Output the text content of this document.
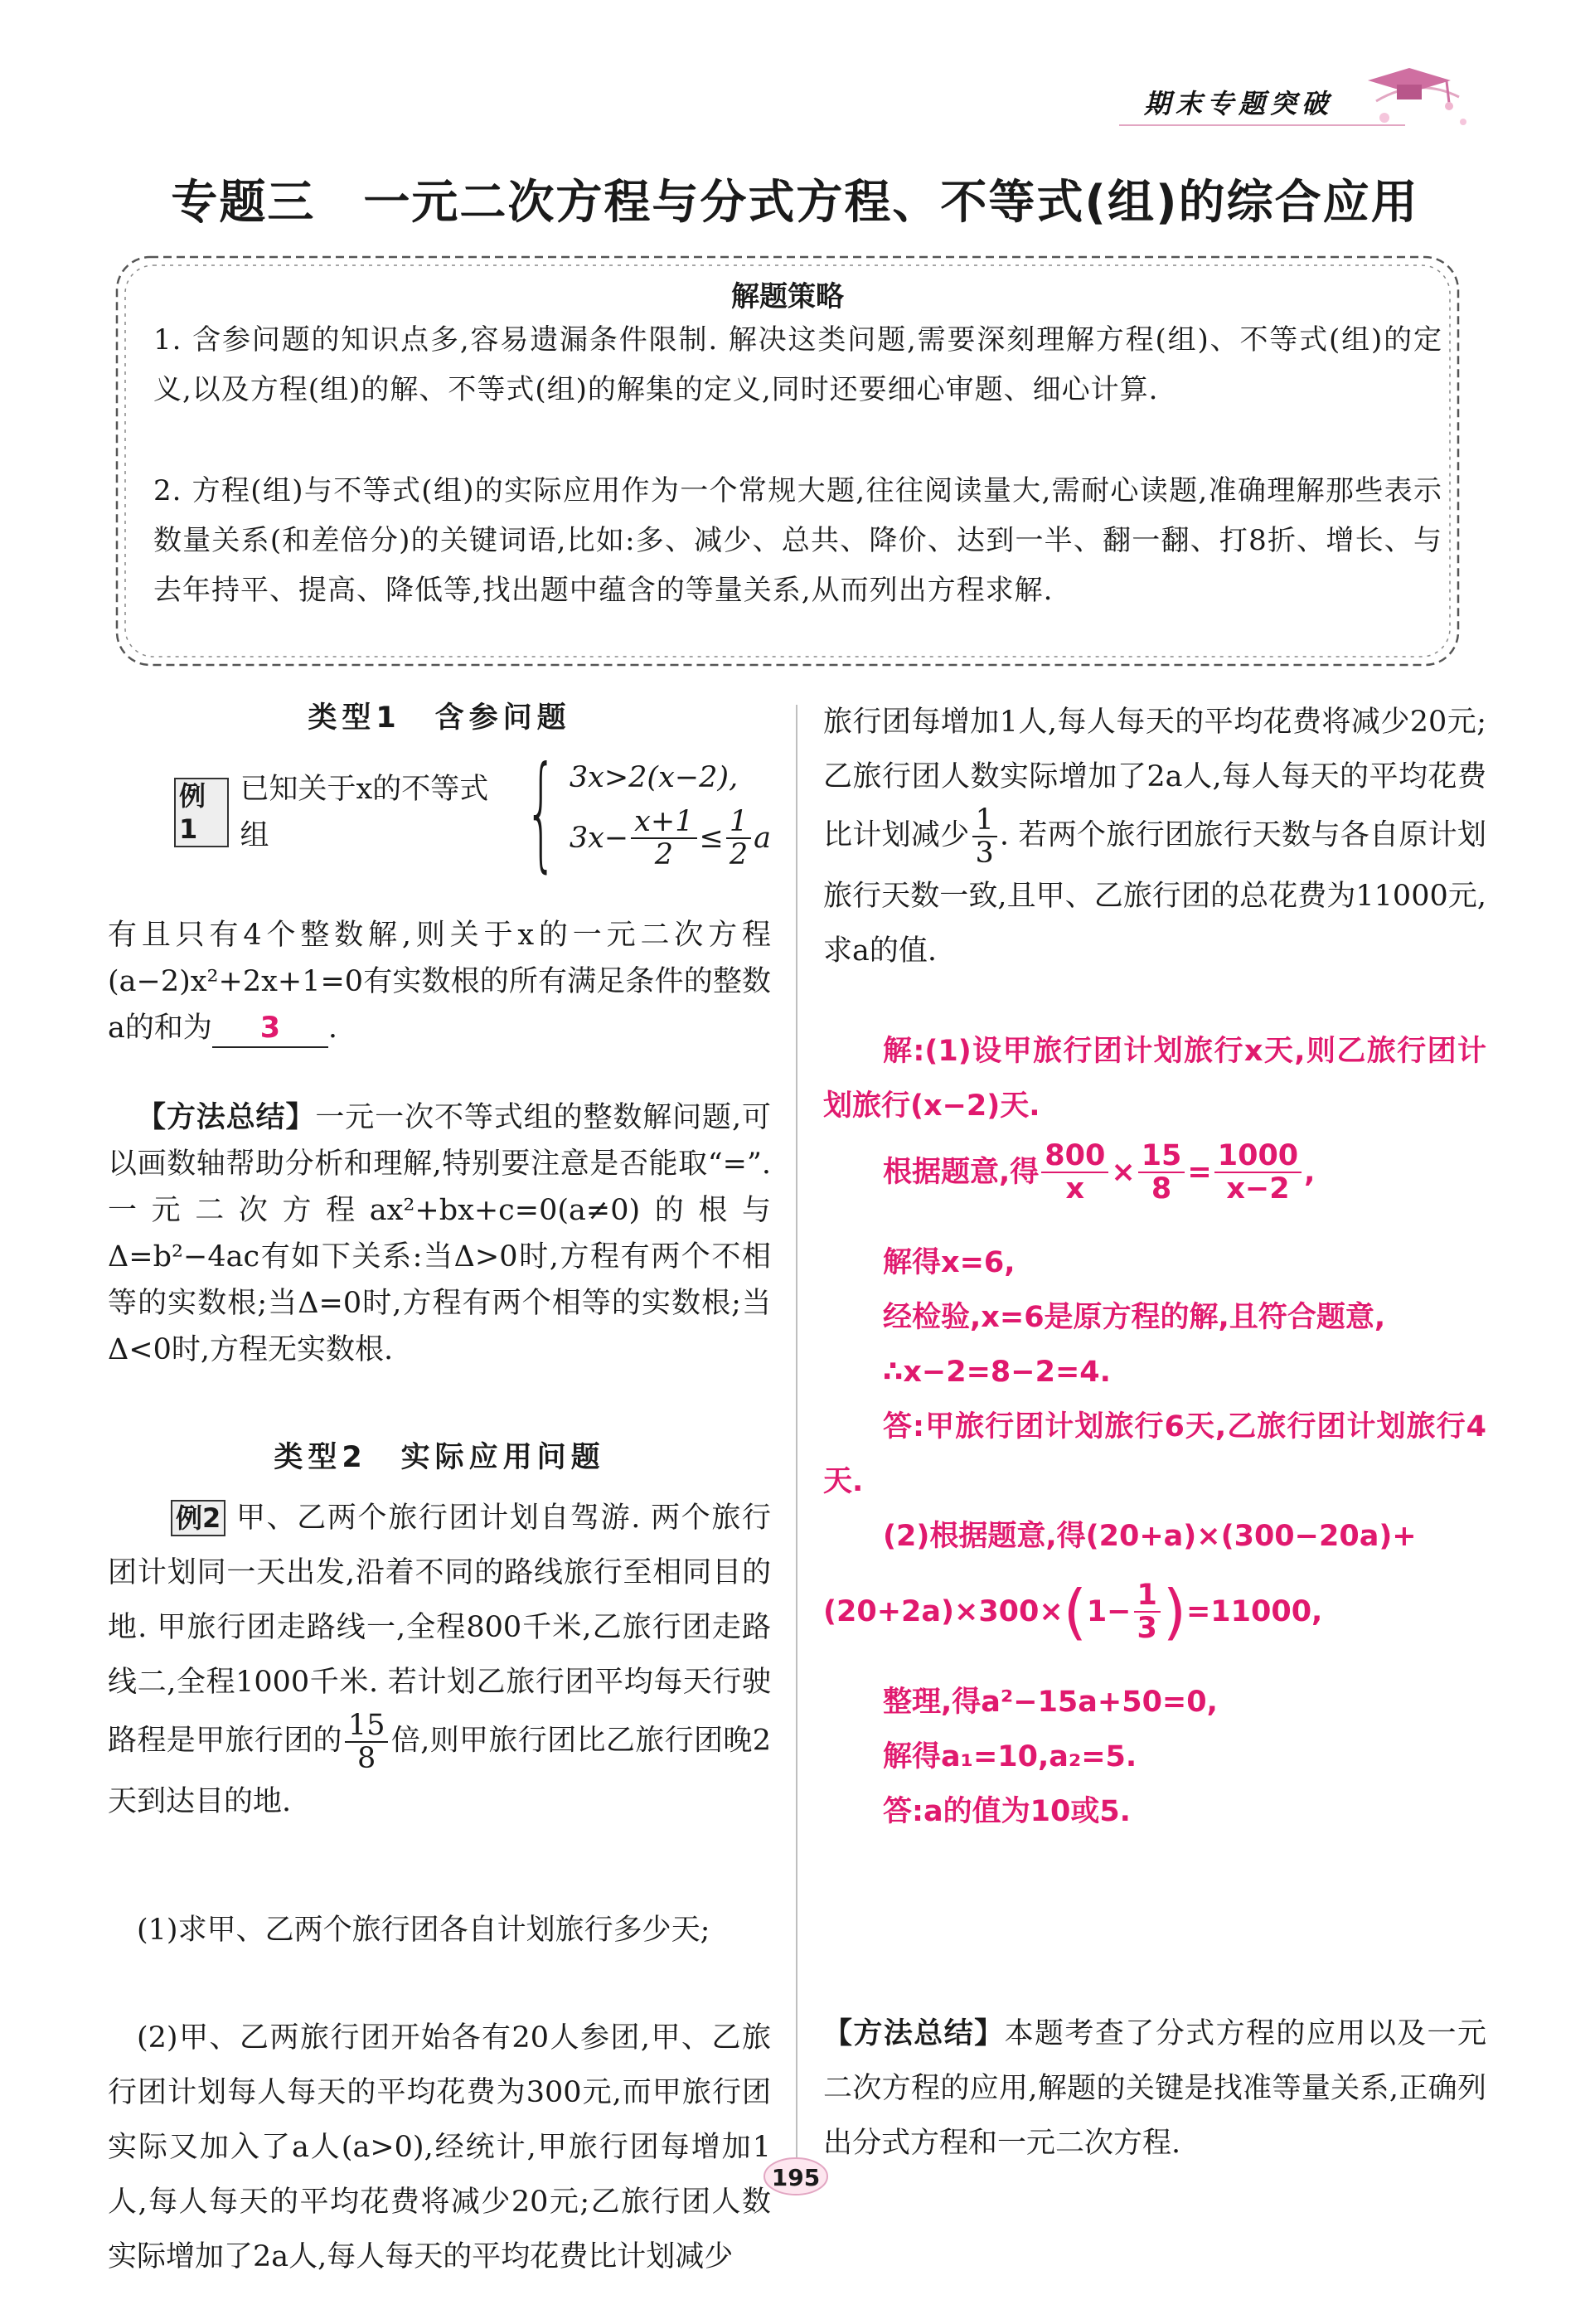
期末专题突破
专题三　一元二次方程与分式方程、不等式(组)的综合应用
解题策略
1. 含参问题的知识点多,容易遗漏条件限制. 解决这类问题,需要深刻理解方程(组)、不等式(组)的定义,以及方程(组)的解、不等式(组)的解集的定义,同时还要细心审题、细心计算.
2. 方程(组)与不等式(组)的实际应用作为一个常规大题,往往阅读量大,需耐心读题,准确理解那些表示数量关系(和差倍分)的关键词语,比如:多、减少、总共、降价、达到一半、翻一翻、打8折、增长、与去年持平、提高、降低等,找出题中蕴含的等量关系,从而列出方程求解.
类型1　含参问题
例1
已知关于x的不等式组	{ 3x>2(x−2),
$3x- \frac{x+1}{2} \le \frac{1}{2}$ a
有且只有4个整数解,则关于x的一元二次方程(a−2)x²+2x+1=0有实数根的所有满足条件的整数a的和为 3 .
【方法总结】一元一次不等式组的整数解问题,可以画数轴帮助分析和理解,特别要注意是否能取“=”. 一元二次方程ax²+bx+c=0(a≠0)的根与Δ=b²−4ac有如下关系:当Δ>0时,方程有两个不相等的实数根;当Δ=0时,方程有两个相等的实数根;当Δ<0时,方程无实数根.
类型2　实际应用问题
例2 甲、乙两个旅行团计划自驾游. 两个旅行团计划同一天出发,沿着不同的路线旅行至相同目的地. 甲旅行团走路线一,全程800千米,乙旅行团走路线二,全程1000千米. 若计划乙旅行团平均每天行驶路程是甲旅行团的 $\frac{15}{8}$ 倍,则甲旅行团比乙旅行团晚2天到达目的地.
(1)求甲、乙两个旅行团各自计划旅行多少天;
(2)甲、乙两旅行团开始各有20人参团,甲、乙旅行团计划每人每天的平均花费为300元,而甲旅行团实际又加入了a人(a>0),经统计,甲旅行团每增加1人,每人每天的平均花费将减少20元;乙旅行团人数实际增加了2a人,每人每天的平均花费比计划减少
旅行团每增加1人,每人每天的平均花费将减少20元;乙旅行团人数实际增加了2a人,每人每天的平均花费比计划减少 $\frac{1}{3}$ . 若两个旅行团旅行天数与各自原计划旅行天数一致,且甲、乙旅行团的总花费为11000元,求a的值.
解:(1)设甲旅行团计划旅行x天,则乙旅行团计划旅行(x−2)天.
根据题意,得 $\frac{800}{x} \times \frac{15}{8} = \frac{1000}{x-2}$ ,
解得x=6,
经检验,x=6是原方程的解,且符合题意,
∴x−2=8−2=4.
答:甲旅行团计划旅行6天,乙旅行团计划旅行4天.
(2)根据题意,得(20+a)×(300−20a)+
(20+2a)×300× ( $1- \frac{1}{3}$ ) =11000,
整理,得a²−15a+50=0,
解得a₁=10,a₂=5.
答:a的值为10或5.
【方法总结】本题考查了分式方程的应用以及一元二次方程的应用,解题的关键是找准等量关系,正确列出分式方程和一元二次方程.
195
